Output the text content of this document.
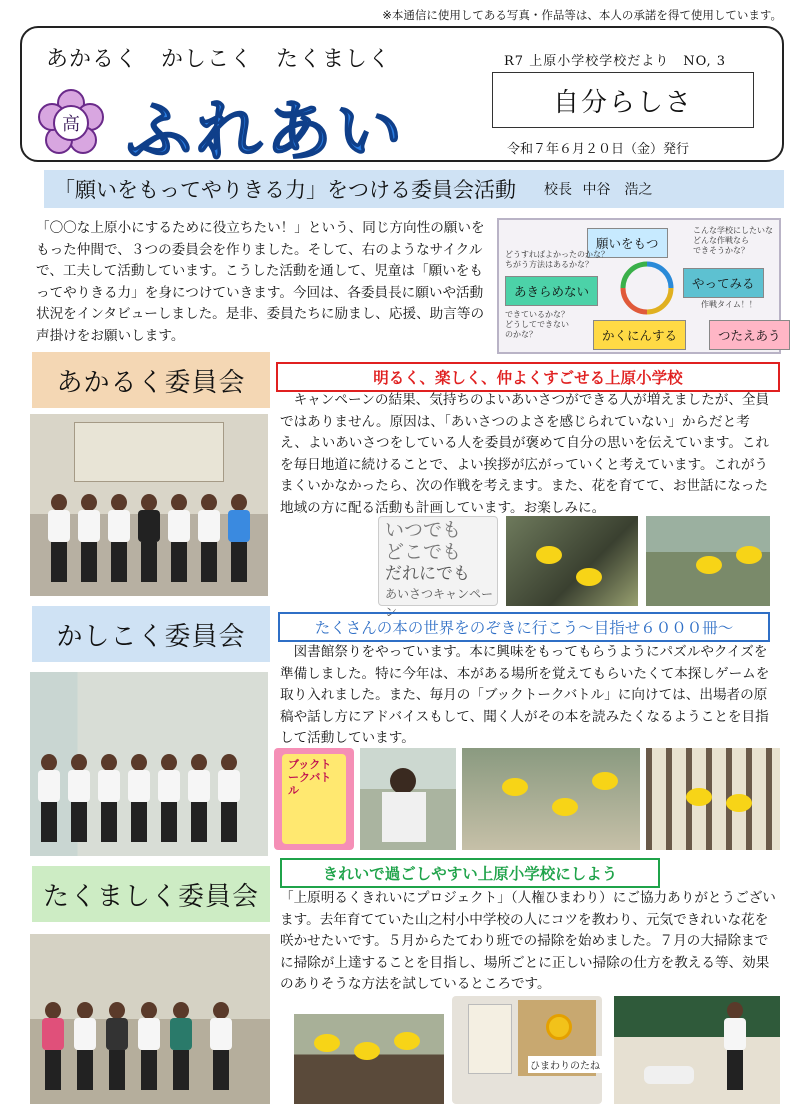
※本通信に使用してある写真・作品等は、本人の承諾を得て使用しています。
あかるく　かしこく　たくましく
高 ふれあい
R7 上原小学校学校だより　NO, 3
自分らしさ
令和７年６月２０日（金）発行
「願いをもってやりきる力」をつける委員会活動 校長 中谷　浩之
「〇〇な上原小にするために役立ちたい！」という、同じ方向性の願いをもった仲間で、３つの委員会を作りました。そして、右のようなサイクルで、工夫して活動しています。こうした活動を通して、児童は「願いをもってやりきる力」を身につけていきます。今回は、各委員長に願いや活動状況をインタビューしました。是非、委員たちに励まし、応援、助言等の声掛けをお願いします。
願いをもつ
やってみる
あきらめない
かくにんする	つたえあう
どうすればよかったのかな？
ちがう方法はあるかな？
こんな学校にしたいな
どんな作戦なら
できそうかな？
作戦タイム！！
できているかな？
どうしてできない
のかな？
あかるく委員会	明るく、楽しく、仲よくすごせる上原小学校
キャンペーンの結果、気持ちのよいあいさつができる人が増えましたが、全員ではありません。原因は、「あいさつのよさを感じられていない」からだと考え、よいあいさつをしている人を委員が褒めて自分の思いを伝えています。これを毎日地道に続けることで、よい挨拶が広がっていくと考えています。これがうまくいかなかったら、次の作戦を考えます。また、花を育てて、お世話になった地域の方に配る活動も計画しています。お楽しみに。
いつでも
どこでも
だれにでも
あいさつキャンペーン
かしこく委員会	たくさんの本の世界をのぞきに行こう～目指せ６０００冊～
図書館祭りをやっています。本に興味をもってもらうようにパズルやクイズを準備しました。特に今年は、本がある場所を覚えてもらいたくて本探しゲームを取り入れました。また、毎月の「ブックトークバトル」に向けては、出場者の原稿や話し方にアドバイスもして、聞く人がその本を読みたくなるようことを目指して活動しています。
ブックトークバトル
たくましく委員会
きれいで過ごしやすい上原小学校にしよう
「上原明るくきれいにプロジェクト」（人権ひまわり）にご協力ありがとうございます。去年育てていた山之村小中学校の人にコツを教わり、元気できれいな花を咲かせたいです。５月からたてわり班での掃除を始めました。７月の大掃除までに掃除が上達することを目指し、場所ごとに正しい掃除の仕方を教える等、効果のありそうな方法を試しているところです。
ひまわりのたね
